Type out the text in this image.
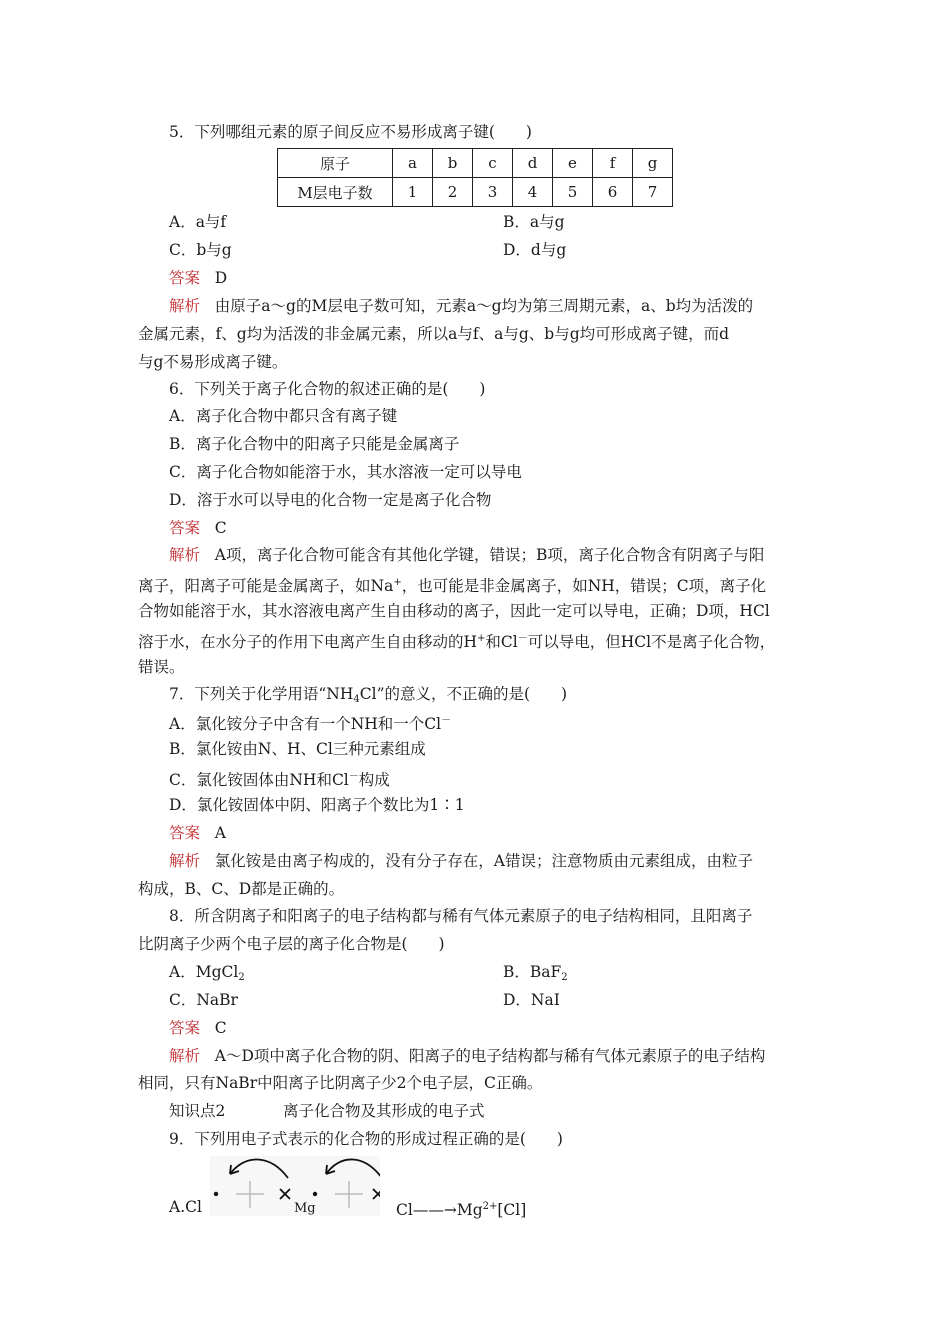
5．下列哪组元素的原子间反应不易形成离子键(　　)
原子	a	b	c	d	e	f	g
M层电子数	1	2	3	4	5	6	7
A．a与f	B．a与g
C．b与g	D．d与g
答案 D
解析 由原子a～g的M层电子数可知，元素a～g均为第三周期元素，a、b均为活泼的
金属元素，f、g均为活泼的非金属元素，所以a与f、a与g、b与g均可形成离子键，而d
与g不易形成离子键。
6．下列关于离子化合物的叙述正确的是(　　)
A．离子化合物中都只含有离子键
B．离子化合物中的阳离子只能是金属离子
C．离子化合物如能溶于水，其水溶液一定可以导电
D．溶于水可以导电的化合物一定是离子化合物
答案 C
解析 A项，离子化合物可能含有其他化学键，错误；B项，离子化合物含有阴离子与阳
离子，阳离子可能是金属离子，如Na+，也可能是非金属离子，如NH，错误；C项，离子化
合物如能溶于水，其水溶液电离产生自由移动的离子，因此一定可以导电，正确；D项，HCl
溶于水，在水分子的作用下电离产生自由移动的H+和Cl－可以导电，但HCl不是离子化合物，
错误。
7．下列关于化学用语“$NH_4Cl$”的意义，不正确的是(　　)
A．氯化铵分子中含有一个NH和一个Cl－
B．氯化铵由N、H、Cl三种元素组成
C．氯化铵固体由NH和Cl－构成
D．氯化铵固体中阴、阳离子个数比为1∶1
答案 A
解析 氯化铵是由离子构成的，没有分子存在，A错误；注意物质由元素组成，由粒子
构成，B、C、D都是正确的。
8．所含阴离子和阳离子的电子结构都与稀有气体元素原子的电子结构相同，且阳离子
比阴离子少两个电子层的离子化合物是(　　)
A．MgCl$_2$	B．BaF$_2$
C．NaBr	D．NaI
答案 C
解析 A～D项中离子化合物的阴、阳离子的电子结构都与稀有气体元素原子的电子结构
相同，只有NaBr中阳离子比阴离子少2个电子层，C正确。
知识点2	离子化合物及其形成的电子式
9．下列用电子式表示的化合物的形成过程正确的是(　　)
A.Cl	Mg	$Cl——\to Mg^{2+}[Cl]$
